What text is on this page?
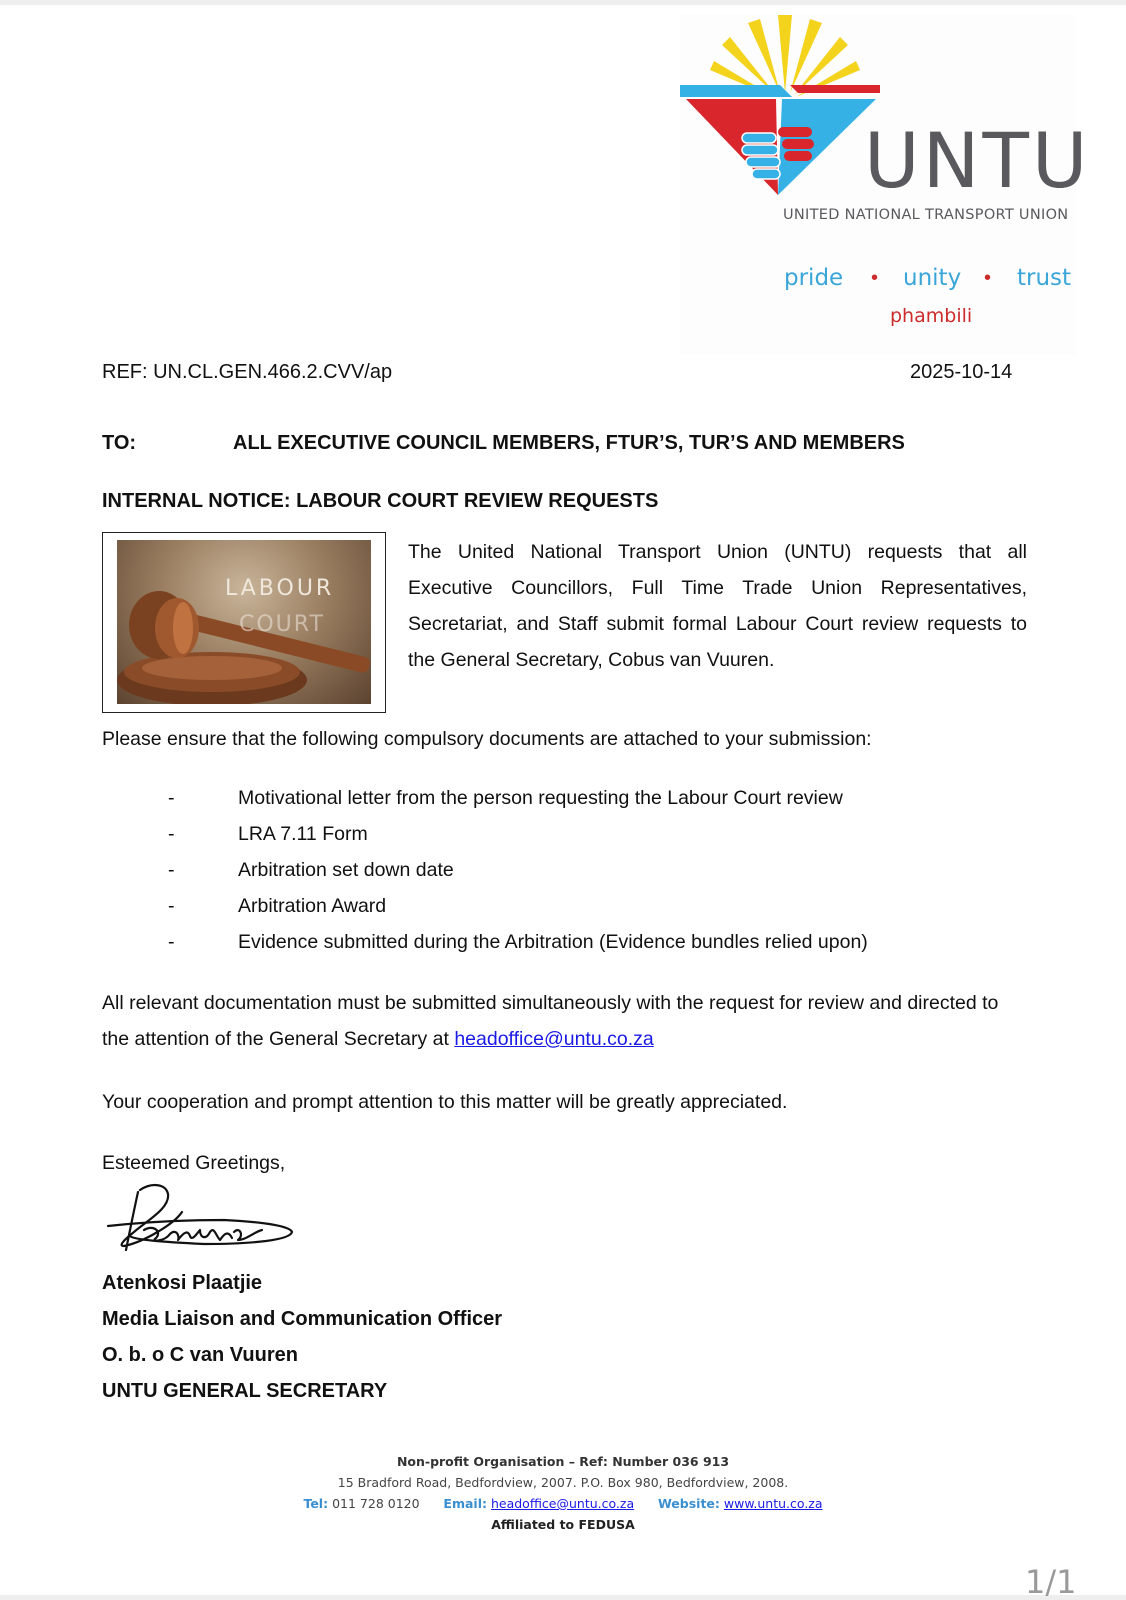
UNTU
UNITED NATIONAL TRANSPORT UNION
pride • unity • trust
phambili
REF: UN.CL.GEN.466.2.CVV/ap	2025-10-14
TO:	ALL EXECUTIVE COUNCIL MEMBERS, FTUR’S, TUR’S AND MEMBERS
INTERNAL NOTICE: LABOUR COURT REVIEW REQUESTS
LABOUR
COURT
The United National Transport Union (UNTU) requests that all Executive Councillors, Full Time Trade Union Representatives, Secretariat, and Staff submit formal Labour Court review requests to the General Secretary, Cobus van Vuuren.
Please ensure that the following compulsory documents are attached to your submission:
-	Motivational letter from the person requesting the Labour Court review
-	LRA 7.11 Form
-	Arbitration set down date
-	Arbitration Award
-	Evidence submitted during the Arbitration (Evidence bundles relied upon)
All relevant documentation must be submitted simultaneously with the request for review and directed to the attention of the General Secretary at headoffice@untu.co.za
Your cooperation and prompt attention to this matter will be greatly appreciated.
Esteemed Greetings,
Atenkosi Plaatjie
Media Liaison and Communication Officer
O. b. o C van Vuuren
UNTU GENERAL SECRETARY
Non-profit Organisation – Ref: Number 036 913
15 Bradford Road, Bedfordview, 2007. P.O. Box 980, Bedfordview, 2008.
Tel: 011 728 0120 Email: headoffice@untu.co.za Website: www.untu.co.za
Affiliated to FEDUSA
1/1
